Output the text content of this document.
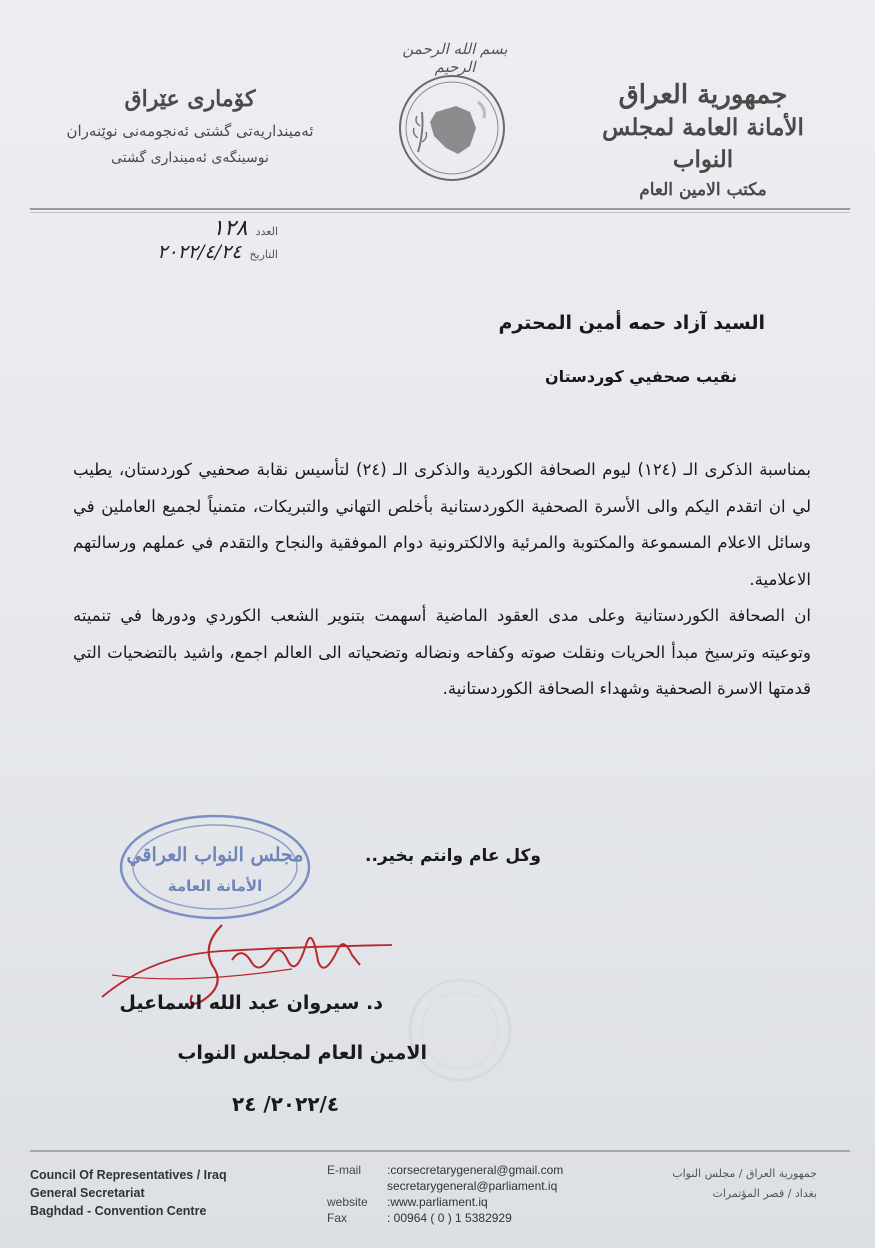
بسم الله الرحمن الرحيم
جمهورية العراق
الأمانة العامة لمجلس النواب
مكتب الامين العام
كۆمارى عێراق
ئەمینداریەتی گشتی ئەنجومەنی نوێنەران
نوسینگەی ئەمینداری گشتی
العدد
١٢٨
التاريخ
٢٠٢٢/٤/٢٤
السيد آزاد حمه أمين المحترم
نقيب صحفيي كوردستان

بمناسبة الذكرى الـ (١٢٤) ليوم الصحافة الكوردية والذكرى الـ (٢٤) لتأسيس نقابة صحفيي كوردستان، يطيب لي ان اتقدم اليكم والى الأسرة الصحفية الكوردستانية بأخلص التهاني والتبريكات، متمنياً لجميع العاملين في وسائل الاعلام المسموعة والمكتوبة والمرئية والالكترونية دوام الموفقية والنجاح والتقدم في عملهم ورسالتهم الاعلامية.

ان الصحافة الكوردستانية وعلى مدى العقود الماضية أسهمت بتنوير الشعب الكوردي ودورها في تنميته وتوعيته وترسيخ مبدأ الحريات ونقلت صوته وكفاحه ونضاله وتضحياته الى العالم اجمع، واشيد بالتضحيات التي قدمتها الاسرة الصحفية وشهداء الصحافة الكوردستانية.

مجلس النواب العراقي
الأمانة العامة
وكل عام وانتم بخير..
د. سيروان عبد الله اسماعيل
الامين العام لمجلس النواب
٢٠٢٢/٤/ ٢٤
Council Of Representatives / Iraq
General Secretariat
Baghdad - Convention Centre
E-mail	:corsecretarygeneral@gmail.com
secretarygeneral@parliament.iq
website	:www.parliament.iq
Fax	: 00964 ( 0 ) 1 5382929
جمهورية العراق / مجلس النواب
بغداد / قصر المؤتمرات
